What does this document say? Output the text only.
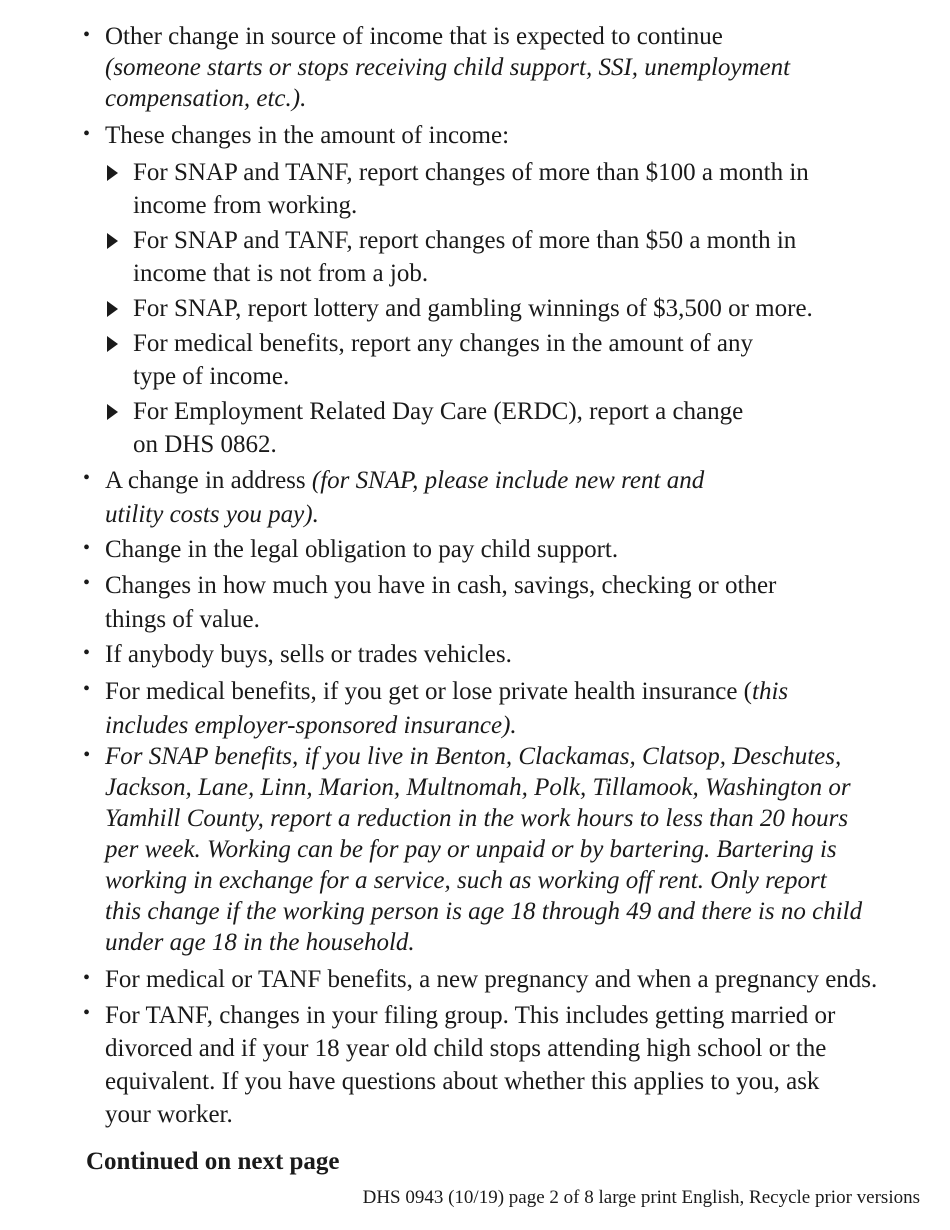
• Other change in source of income that is expected to continue
(someone starts or stops receiving child support, SSI, unemployment
compensation, etc.).
• These changes in the amount of income:
For SNAP and TANF, report changes of more than $100 a month in
income from working.
For SNAP and TANF, report changes of more than $50 a month in
income that is not from a job.
For SNAP, report lottery and gambling winnings of $3,500 or more.
For medical benefits, report any changes in the amount of any
type of income.
For Employment Related Day Care (ERDC), report a change
on DHS 0862.
• A change in address (for SNAP, please include new rent and
utility costs you pay).
• Change in the legal obligation to pay child support.
• Changes in how much you have in cash, savings, checking or other
things of value.
• If anybody buys, sells or trades vehicles.
• For medical benefits, if you get or lose private health insurance (this
includes employer-sponsored insurance).
• For SNAP benefits, if you live in Benton, Clackamas, Clatsop, Deschutes,
Jackson, Lane, Linn, Marion, Multnomah, Polk, Tillamook, Washington or
Yamhill County, report a reduction in the work hours to less than 20 hours
per week. Working can be for pay or unpaid or by bartering. Bartering is
working in exchange for a service, such as working off rent. Only report
this change if the working person is age 18 through 49 and there is no child
under age 18 in the household.
• For medical or TANF benefits, a new pregnancy and when a pregnancy ends.
• For TANF, changes in your filing group. This includes getting married or
divorced and if your 18 year old child stops attending high school or the
equivalent. If you have questions about whether this applies to you, ask
your worker.
Continued on next page
DHS 0943 (10/19) page 2 of 8 large print English, Recycle prior versions
